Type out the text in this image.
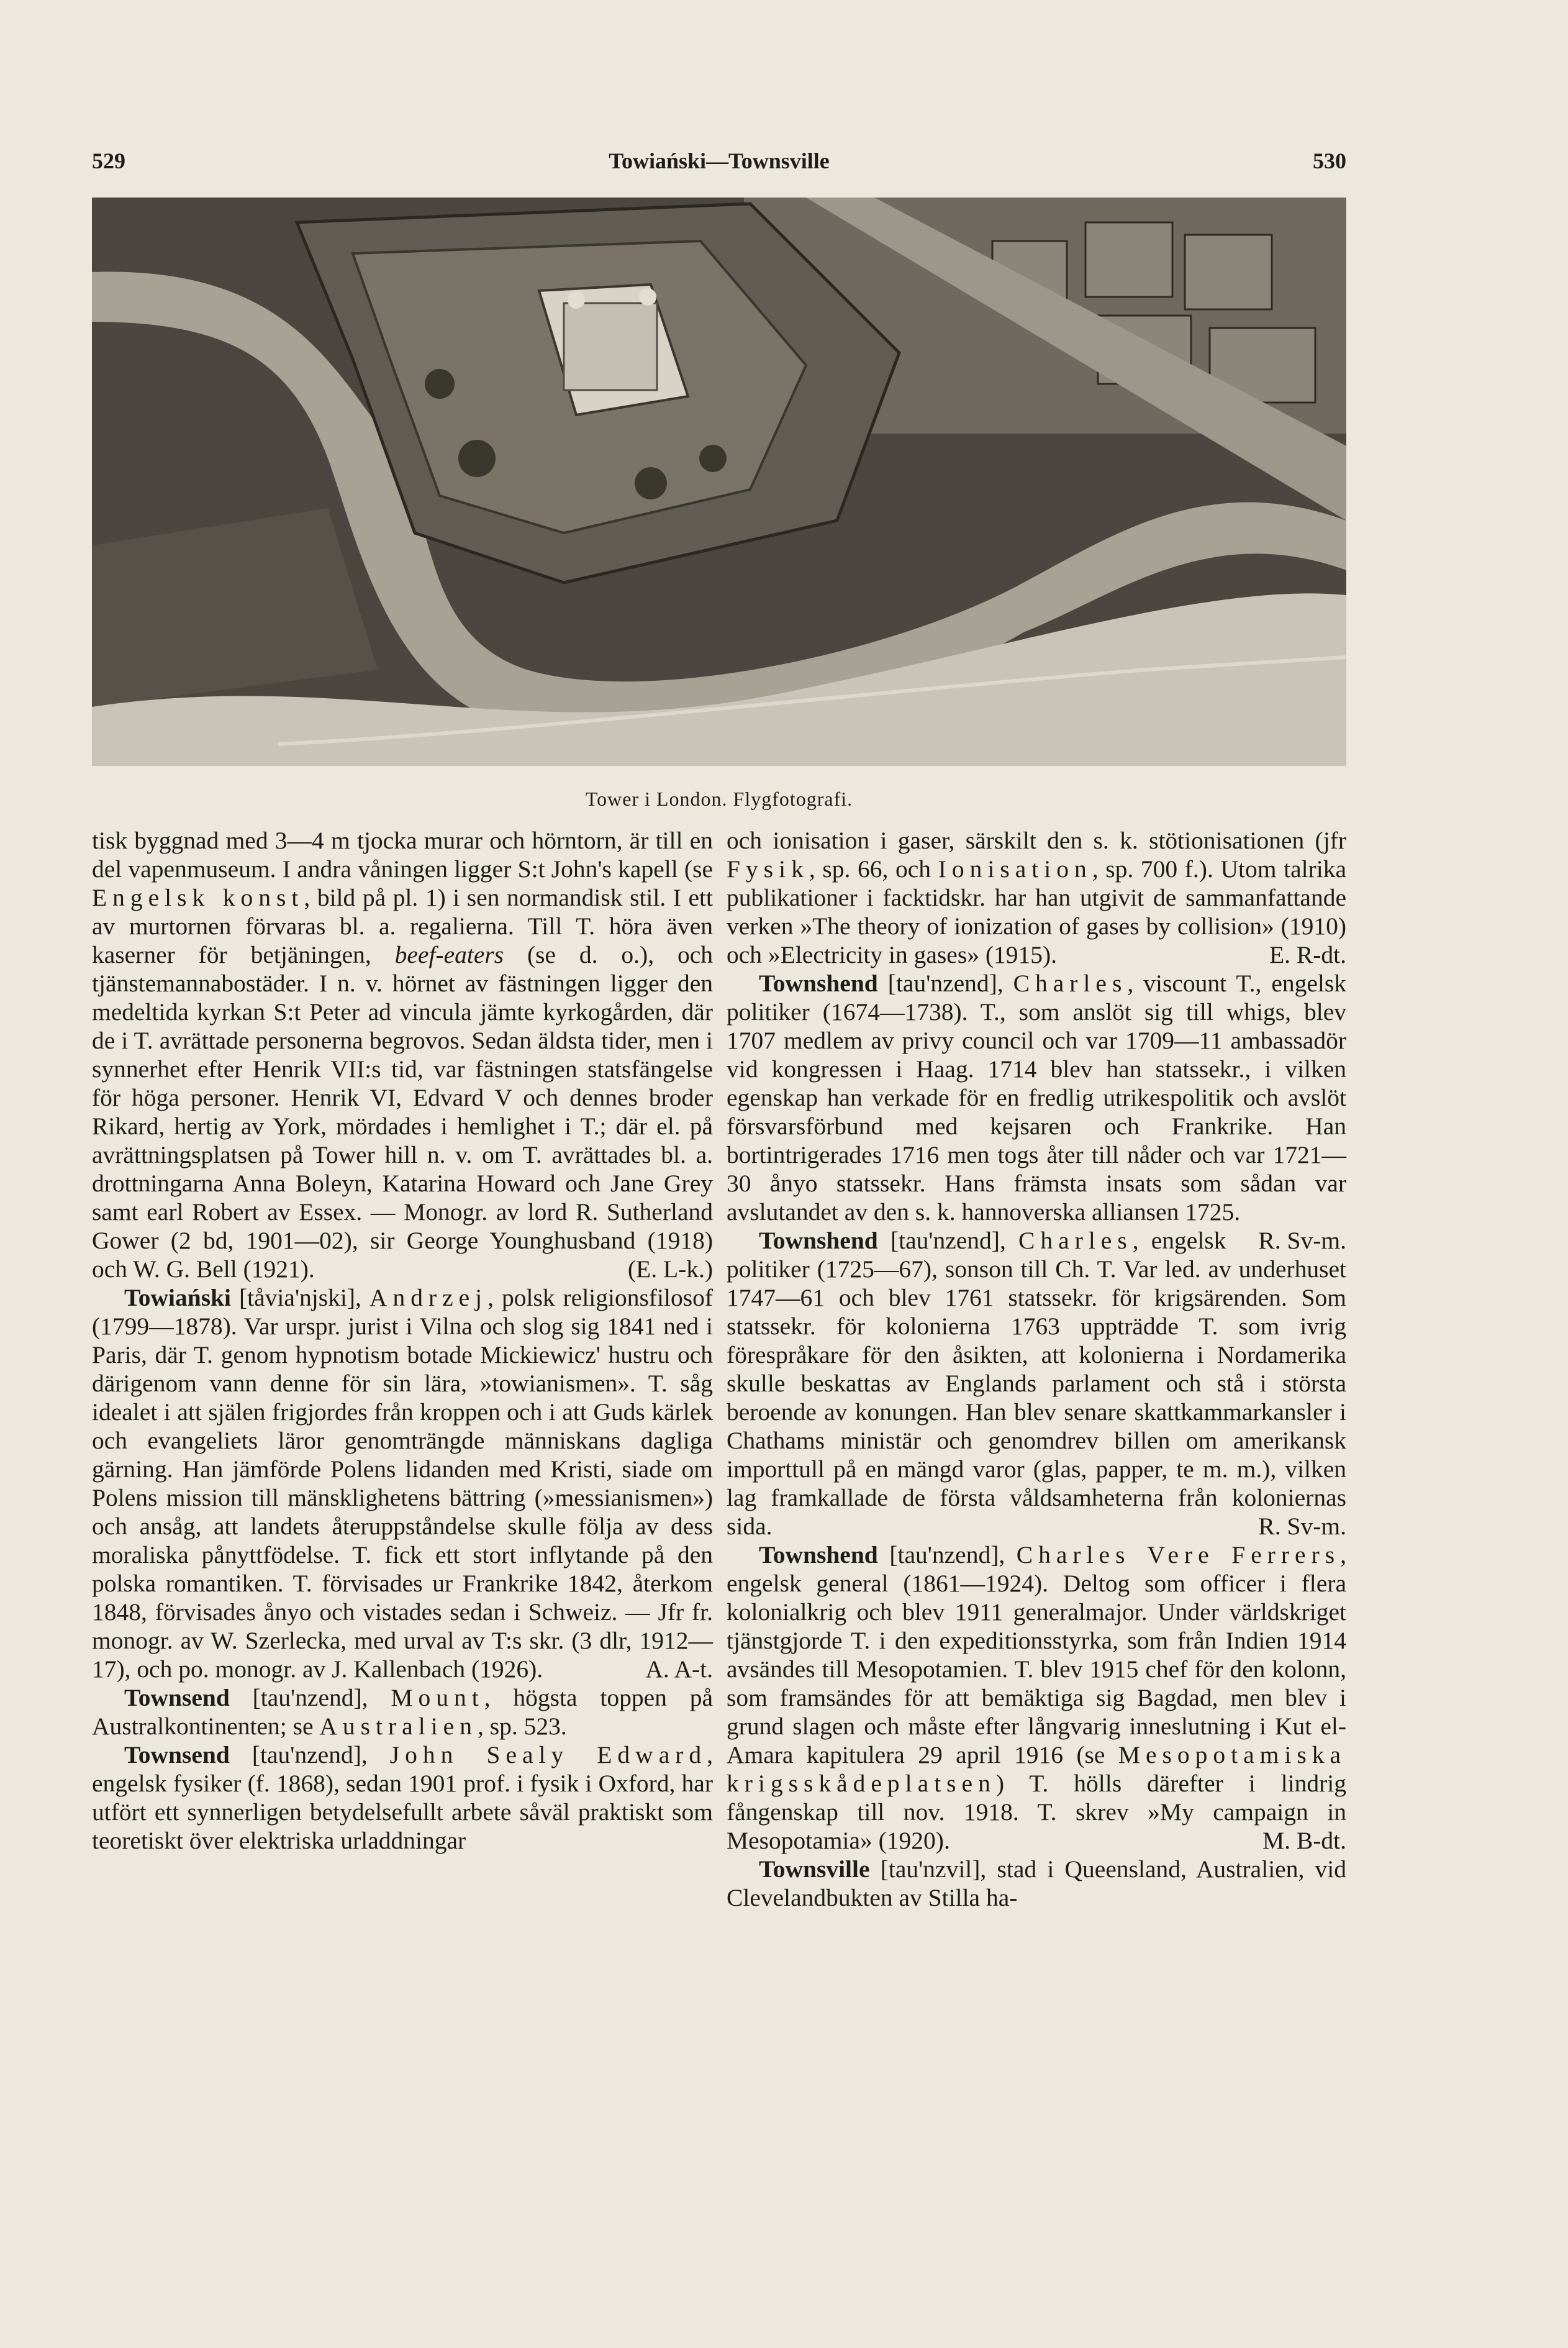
529	Towiański—Townsville	530
Tower i London. Flygfotografi.

tisk byggnad med 3—4 m tjocka murar och hörntorn, är till en del vapenmuseum. I andra våningen ligger S:t John's kapell (se Engelsk konst, bild på pl. 1) i sen normandisk stil. I ett av murtornen förvaras bl. a. regalierna. Till T. höra även kaserner för betjäningen, beef-eaters (se d. o.), och tjänstemannabostäder. I n. v. hörnet av fästningen ligger den medeltida kyrkan S:t Peter ad vincula jämte kyrkogården, där de i T. avrättade personerna begrovos. Sedan äldsta tider, men i synnerhet efter Henrik VII:s tid, var fästningen statsfängelse för höga personer. Henrik VI, Edvard V och dennes broder Rikard, hertig av York, mördades i hemlighet i T.; där el. på avrättningsplatsen på Tower hill n. v. om T. avrättades bl. a. drottningarna Anna Boleyn, Katarina Howard och Jane Grey samt earl Robert av Essex. — Monogr. av lord R. Sutherland Gower (2 bd, 1901—02), sir George Younghusband (1918) och W. G. Bell (1921).	(E. L-k.)

Towiański [tåvia'njski], Andrzej, polsk religionsfilosof (1799—1878). Var urspr. jurist i Vilna och slog sig 1841 ned i Paris, där T. genom hypnotism botade Mickiewicz' hustru och därigenom vann denne för sin lära, »towianismen». T. såg idealet i att själen frigjordes från kroppen och i att Guds kärlek och evangeliets läror genomträngde människans dagliga gärning. Han jämförde Polens lidanden med Kristi, siade om Polens mission till mänsklighetens bättring (»messianismen») och ansåg, att landets återuppståndelse skulle följa av dess moraliska pånyttfödelse. T. fick ett stort inflytande på den polska romantiken. T. förvisades ur Frankrike 1842, återkom 1848, förvisades ånyo och vistades sedan i Schweiz. — Jfr fr. monogr. av W. Szerlecka, med urval av T:s skr. (3 dlr, 1912—17), och po. monogr. av J. Kallenbach (1926).	A. A-t.

Townsend [tau'nzend], Mount, högsta toppen på Australkontinenten; se Australien, sp. 523.

Townsend [tau'nzend], John Sealy Edward, engelsk fysiker (f. 1868), sedan 1901 prof. i fysik i Oxford, har utfört ett synnerligen betydelsefullt arbete såväl praktiskt som teoretiskt över elektriska urladdningar

och ionisation i gaser, särskilt den s. k. stötionisationen (jfr Fysik, sp. 66, och Ionisation, sp. 700 f.). Utom talrika publikationer i facktidskr. har han utgivit de sammanfattande verken »The theory of ionization of gases by collision» (1910) och »Electricity in gases» (1915).	E. R-dt.

Townshend [tau'nzend], Charles, viscount T., engelsk politiker (1674—1738). T., som anslöt sig till whigs, blev 1707 medlem av privy council och var 1709—11 ambassadör vid kongressen i Haag. 1714 blev han statssekr., i vilken egenskap han verkade för en fredlig utrikespolitik och avslöt försvarsförbund med kejsaren och Frankrike. Han bortintrigerades 1716 men togs åter till nåder och var 1721—30 ånyo statssekr. Hans främsta insats som sådan var avslutandet av den s. k. hannoverska alliansen 1725.
R. Sv-m.

Townshend [tau'nzend], Charles, engelsk politiker (1725—67), sonson till Ch. T. Var led. av underhuset 1747—61 och blev 1761 statssekr. för krigsärenden. Som statssekr. för kolonierna 1763 uppträdde T. som ivrig förespråkare för den åsikten, att kolonierna i Nordamerika skulle beskattas av Englands parlament och stå i största beroende av konungen. Han blev senare skattkammarkansler i Chathams ministär och genomdrev billen om amerikansk importtull på en mängd varor (glas, papper, te m. m.), vilken lag framkallade de första våldsamheterna från koloniernas sida.	R. Sv-m.

Townshend [tau'nzend], Charles Vere Ferrers, engelsk general (1861—1924). Deltog som officer i flera kolonialkrig och blev 1911 generalmajor. Under världskriget tjänstgjorde T. i den expeditionsstyrka, som från Indien 1914 avsändes till Mesopotamien. T. blev 1915 chef för den kolonn, som framsändes för att bemäktiga sig Bagdad, men blev i grund slagen och måste efter långvarig inneslutning i Kut el-Amara kapitulera 29 april 1916 (se Mesopotamiska krigsskådeplatsen) T. hölls därefter i lindrig fångenskap till nov. 1918. T. skrev »My campaign in Mesopotamia» (1920).	M. B-dt.

Townsville [tau'nzvil], stad i Queensland, Australien, vid Clevelandbukten av Stilla ha-
